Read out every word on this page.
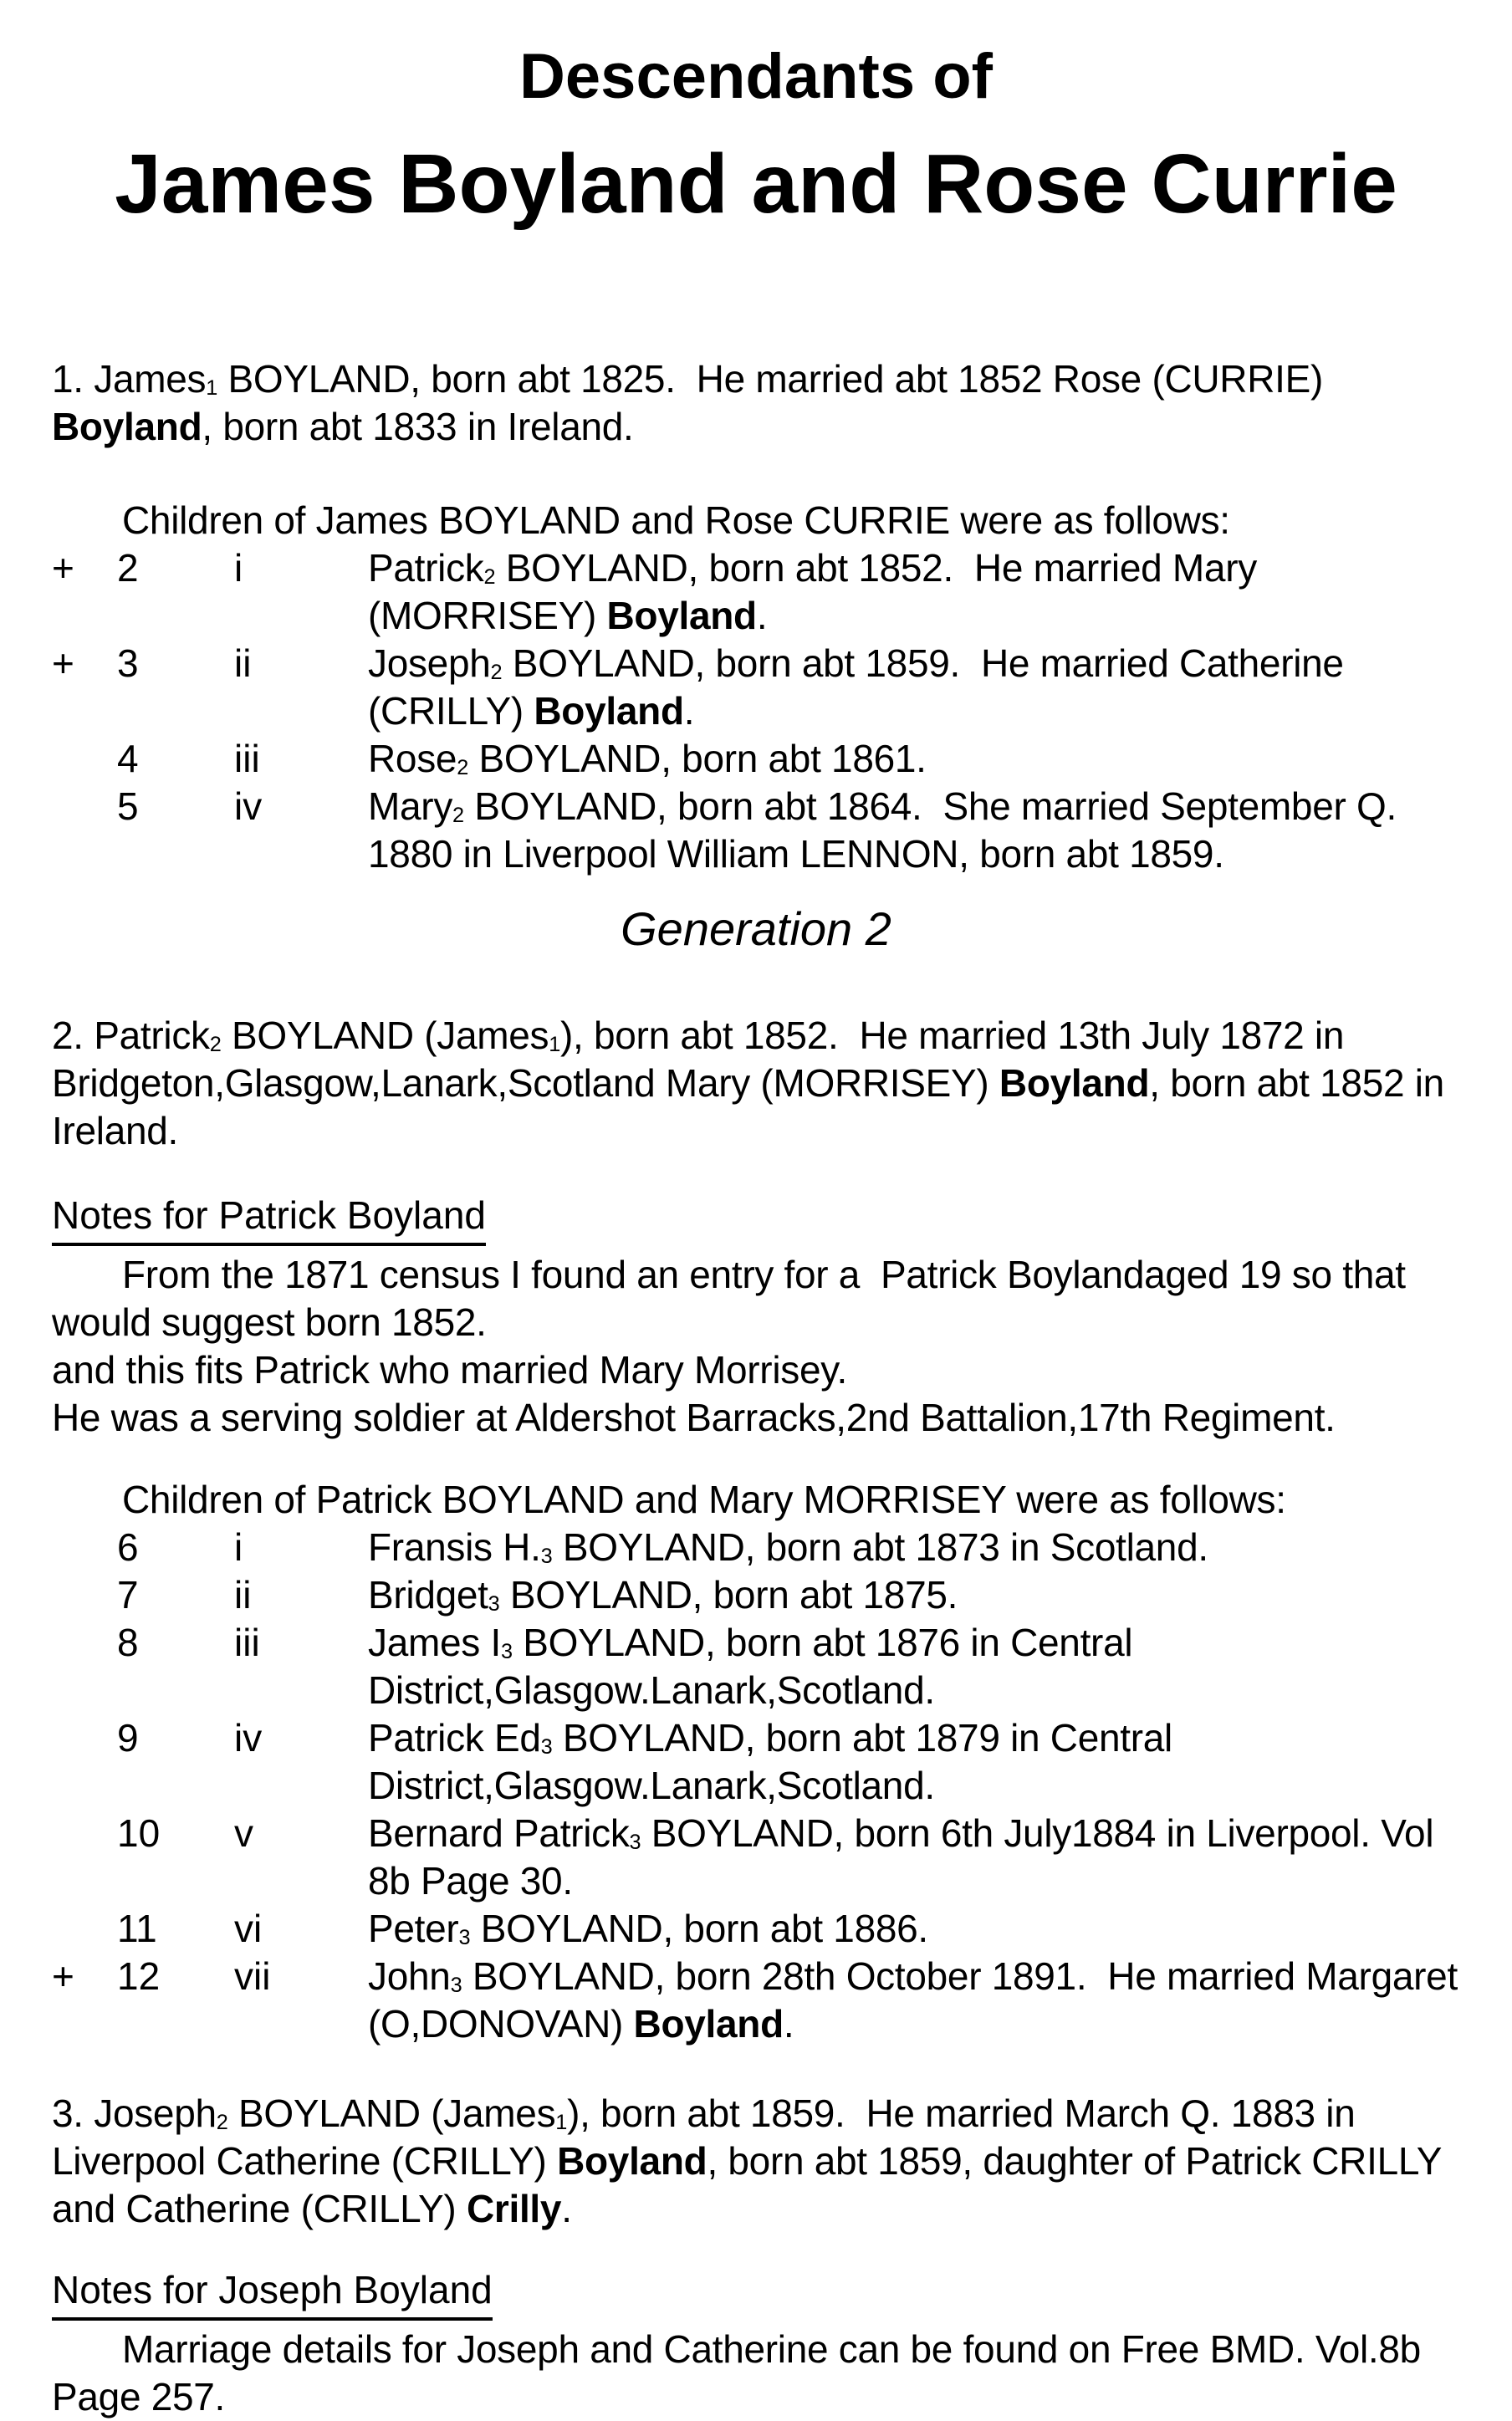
Descendants of
James Boyland and Rose Currie

1. James$_1$ BOYLAND, born abt 1825.  He married abt 1852 Rose (CURRIE)
Boyland, born abt 1833 in Ireland.

Children of James BOYLAND and Rose CURRIE were as follows:

+	2	i	Patrick$_2$ BOYLAND, born abt 1852.  He married Mary
(MORRISEY) Boyland.
+	3	ii	Joseph$_2$ BOYLAND, born abt 1859.  He married Catherine
(CRILLY) Boyland.
4	iii	Rose$_2$ BOYLAND, born abt 1861.
5	iv	Mary$_2$ BOYLAND, born abt 1864.  She married September Q.
1880 in Liverpool William LENNON, born abt 1859.
Generation 2

2. Patrick$_2$ BOYLAND (James$_1$), born abt 1852.  He married 13th July 1872 in
Bridgeton,Glasgow,Lanark,Scotland Mary (MORRISEY) Boyland, born abt 1852 in
Ireland.

Notes for Patrick Boyland

From the 1871 census I found an entry for a  Patrick Boylandaged 19 so that
would suggest born 1852.
and this fits Patrick who married Mary Morrisey.
He was a serving soldier at Aldershot Barracks,2nd Battalion,17th Regiment.

Children of Patrick BOYLAND and Mary MORRISEY were as follows:

6	i	Fransis $H._3$ BOYLAND, born abt 1873 in Scotland.
7	ii	Bridget$_3$ BOYLAND, born abt 1875.
8	iii	James $I_3$ BOYLAND, born abt 1876 in Central
District,Glasgow.Lanark,Scotland.
9	iv	Patrick $Ed_3$ BOYLAND, born abt 1879 in Central
District,Glasgow.Lanark,Scotland.
10	v	Bernard Patrick$_3$ BOYLAND, born 6th July1884 in Liverpool. Vol
8b Page 30.
11	vi	Peter$_3$ BOYLAND, born abt 1886.
+	12	vii	John$_3$ BOYLAND, born 28th October 1891.  He married Margaret
(O,DONOVAN) Boyland.

3. Joseph$_2$ BOYLAND (James$_1$), born abt 1859.  He married March Q. 1883 in
Liverpool Catherine (CRILLY) Boyland, born abt 1859, daughter of Patrick CRILLY
and Catherine (CRILLY) Crilly.

Notes for Joseph Boyland

Marriage details for Joseph and Catherine can be found on Free BMD. Vol.8b
Page 257.
